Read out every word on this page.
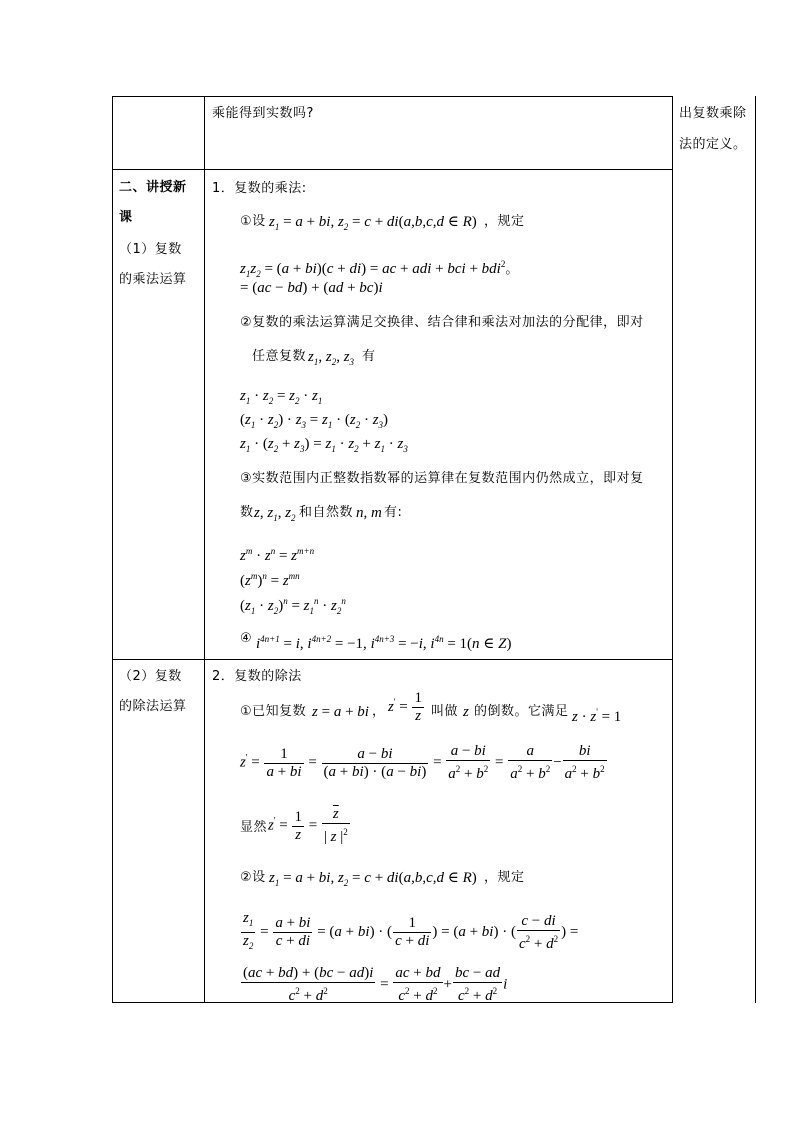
乘能得到实数吗?	出复数乘除
法的定义。
二、讲授新
课
（1）复数
的乘法运算
1．复数的乘法:
①设 $z_1 = a$ + bi, $z_2 = c + di(a,b,c,d$ ∈ R) ，规定
$z_1z_2 = (a + bi)(c + di)$ = ac + adi + bci + bdi$^2$。
= (ac − bd) + (ad + bc)i
②复数的乘法运算满足交换律、结合律和乘法对加法的分配律，即对
任意复数 $z_1$, $z_2$, $z_3$ 有
$z_1 \cdot z_2 = z_2 \cdot z_1$
$(z_1 \cdot z_2) \cdot z_3 = z_1 \cdot (z_2 \cdot z_3)$
$z_1 \cdot (z_2 + z_3) = z_1 \cdot z_2 + z_1 \cdot z_3$
③实数范围内正整数指数幂的运算律在复数范围内仍然成立，即对复
数 z, $z_1$, $z_2$ 和自然数 n, m 有:
$z^m \cdot z^n = z^{m+n}$
$(z^m)^n = z^{mn}$
$(z_1 \cdot z_2)^n = z_1^n \cdot z_2^n$
④ $i^{4n+1} = i$, $i^{4n+2} = -1$, $i^{4n+3} = -i$, $i^{4n} = 1(n$ ∈ Z)
（2）复数
的除法运算
2．复数的除法
①已知复数 z = a + bi ， $z' = \frac{1}{z}$ 叫做 z 的倒数。它满足 z · z' = 1
$z' = \frac{1}{a + bi} = \frac{a - bi}{(a + bi) \cdot (a - bi)} = \frac{a - bi}{a^2 + b^2} = \frac{a}{a^2 + b^2} - \frac{bi}{a^2 + b^2}$
显然 $z' = \frac{1}{z} = \frac{\overline{z}}{| z |^2}$
②设 $z_1 = a$ + bi, $z_2 = c + di(a,b,c,d$ ∈ R) ，规定
$\frac{z_1}{z_2} = \frac{a + bi}{c + di} = (a + bi)$ · ( $\frac{1}{c + di}$ ) = (a + bi) · ( $\frac{c - di}{c^2 + d^2}$ ) =
$\frac{(ac + bd) + (bc - ad)i}{c^2 + d^2} = \frac{ac + bd}{c^2 + d^2} + \frac{bc - ad}{c^2 + d^2}$ i
